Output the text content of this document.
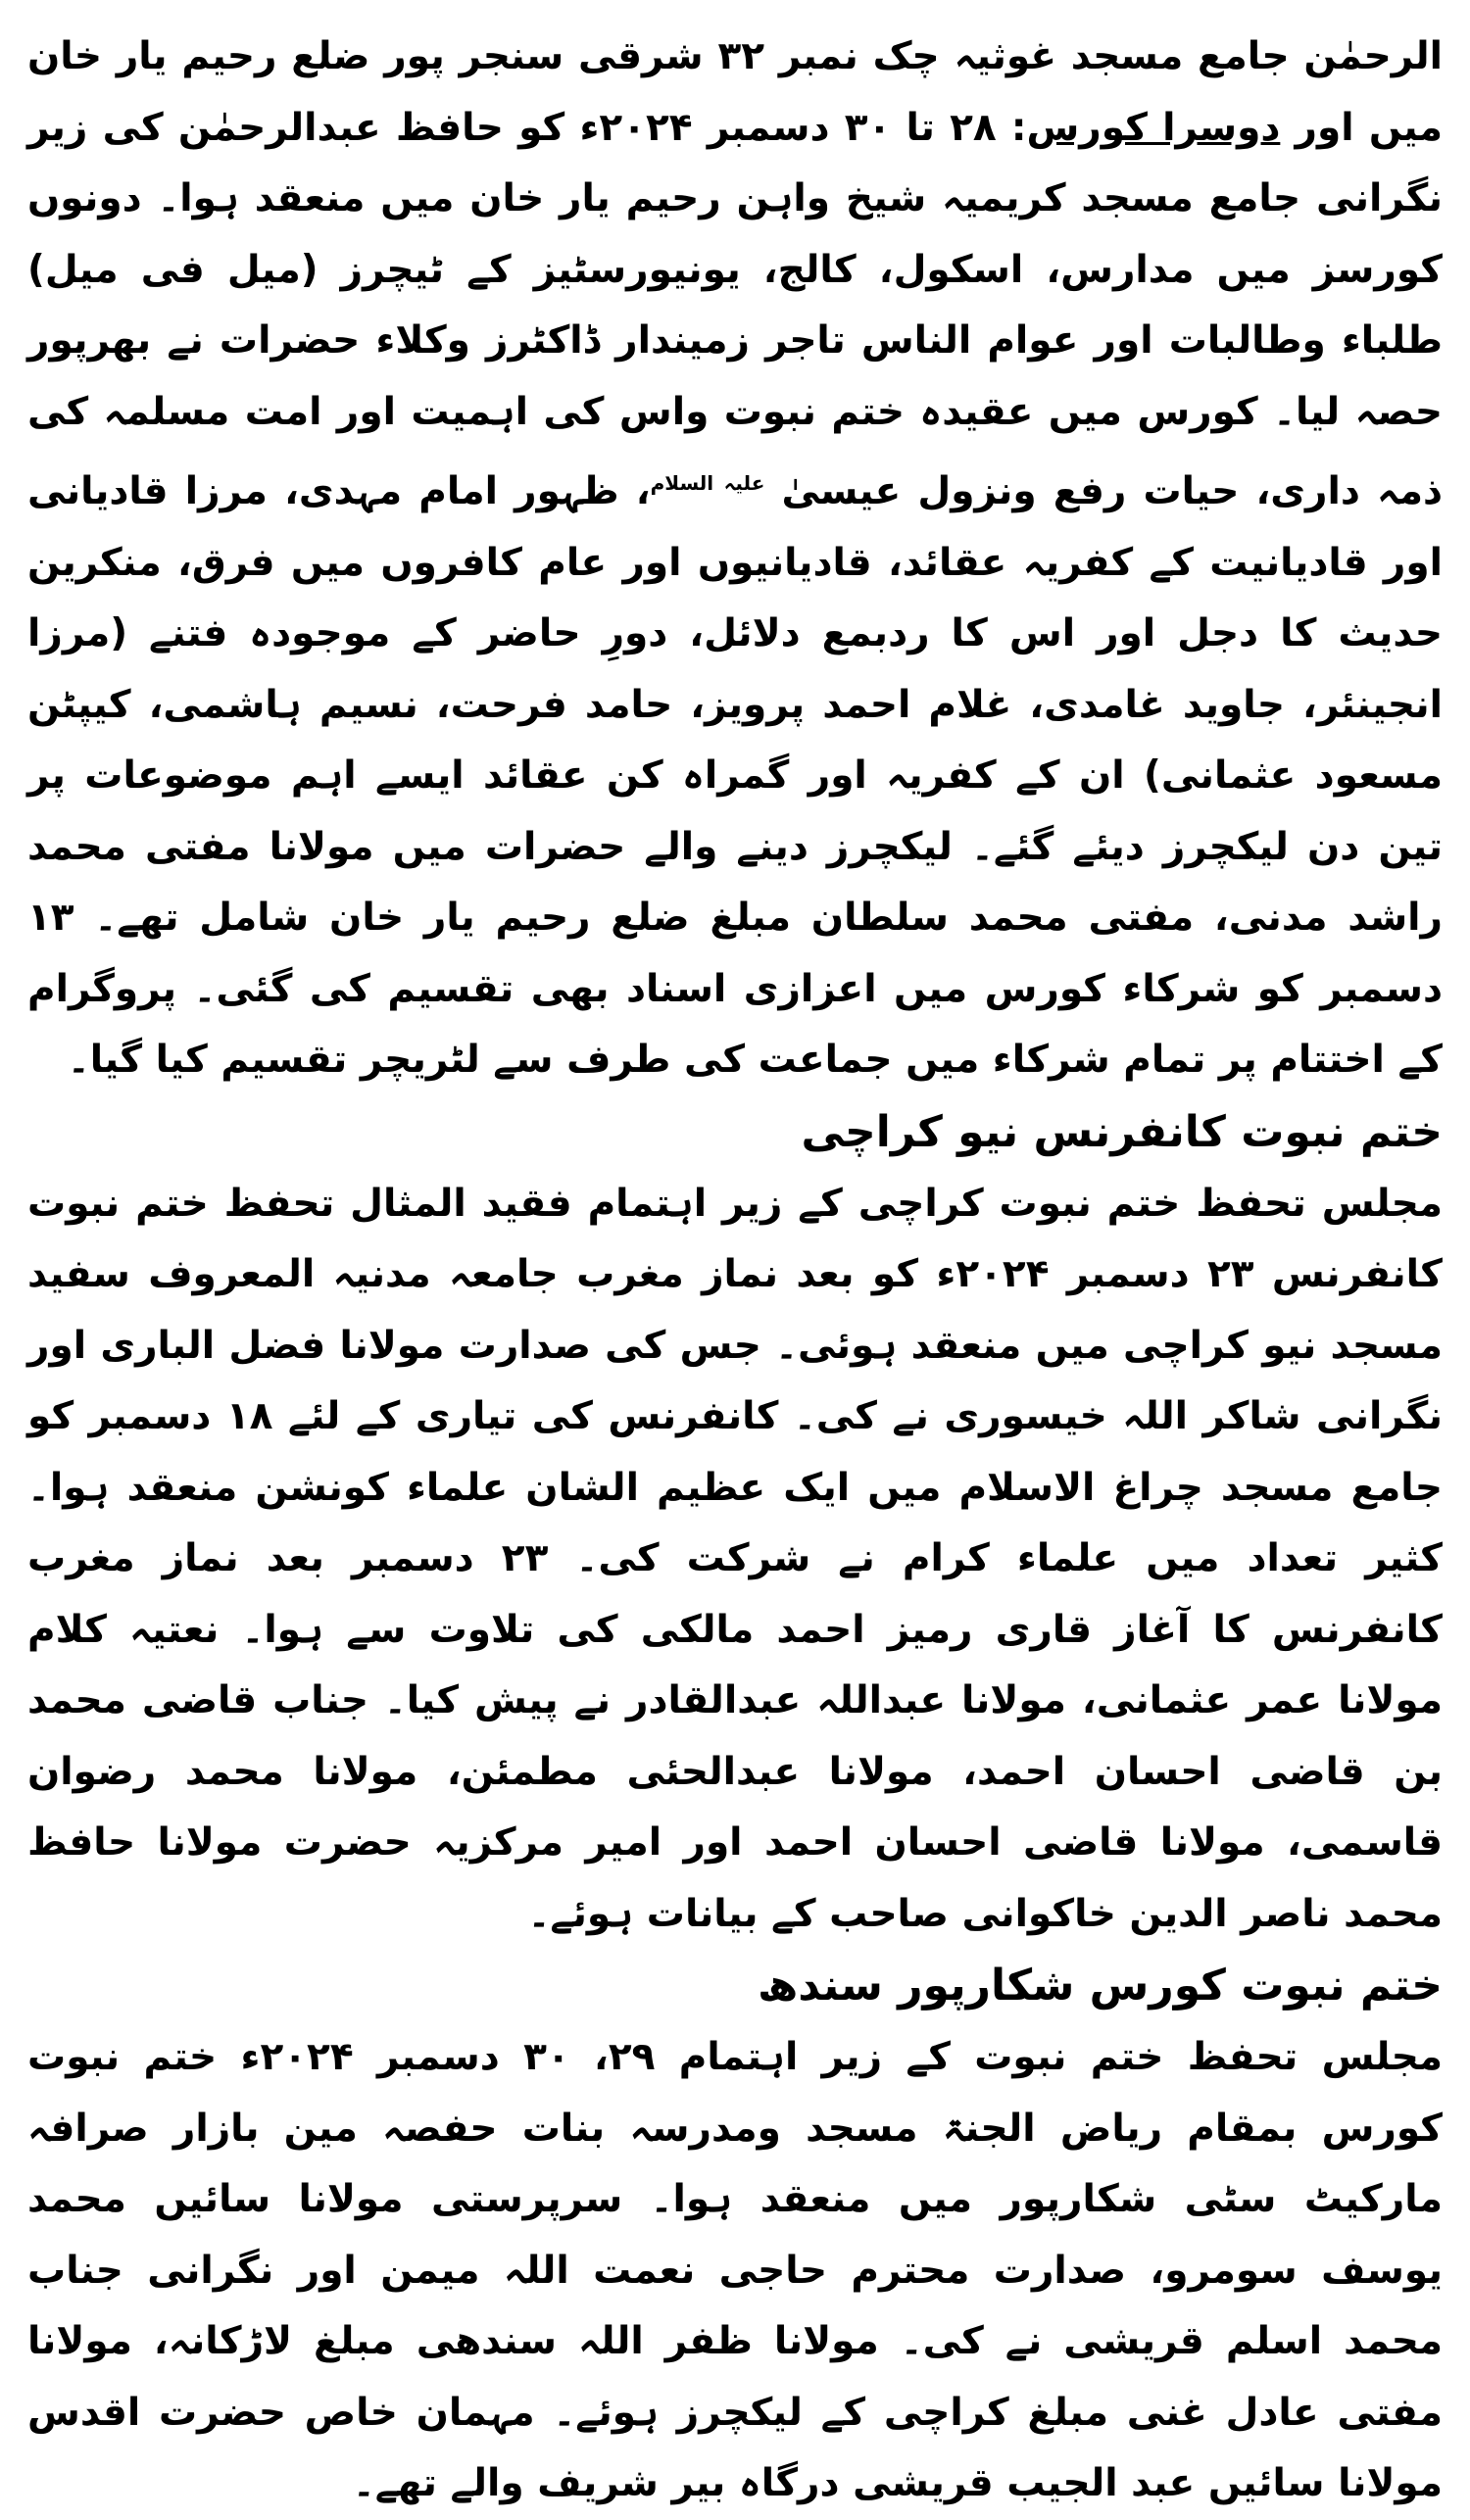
الرحمٰن جامع مسجد غوثیہ چک نمبر ۳۲ شرقی سنجر پور ضلع رحیم یار خان میں اور دوسرا کورس: ۲۸ تا ۳۰ دسمبر ۲۰۲۴ء کو حافظ عبدالرحمٰن کی زیر نگرانی جامع مسجد کریمیہ شیخ واہن رحیم یار خان میں منعقد ہوا۔ دونوں کورسز میں مدارس، اسکول، کالج، یونیورسٹیز کے ٹیچرز (میل فی میل) طلباء وطالبات اور عوام الناس تاجر زمیندار ڈاکٹرز وکلاء حضرات نے بھرپور حصہ لیا۔ کورس میں عقیدہ ختم نبوت واس کی اہمیت اور امت مسلمہ کی ذمہ داری، حیات رفع ونزول عیسیٰ $^{علیہ السلام}$، ظہور امام مہدی، مرزا قادیانی اور قادیانیت کے کفریہ عقائد، قادیانیوں اور عام کافروں میں فرق، منکرین حدیث کا دجل اور اس کا ردبمع دلائل، دورِ حاضر کے موجودہ فتنے (مرزا انجینئر، جاوید غامدی، غلام احمد پرویز، حامد فرحت، نسیم ہاشمی، کیپٹن مسعود عثمانی) ان کے کفریہ اور گمراہ کن عقائد ایسے اہم موضوعات پر تین دن لیکچرز دیئے گئے۔ لیکچرز دینے والے حضرات میں مولانا مفتی محمد راشد مدنی، مفتی محمد سلطان مبلغ ضلع رحیم یار خان شامل تھے۔ ۱۳ دسمبر کو شرکاء کورس میں اعزازی اسناد بھی تقسیم کی گئی۔ پروگرام کے اختتام پر تمام شرکاء میں جماعت کی طرف سے لٹریچر تقسیم کیا گیا۔

ختم نبوت کانفرنس نیو کراچی

مجلس تحفظ ختم نبوت کراچی کے زیر اہتمام فقید المثال تحفظ ختم نبوت کانفرنس ۲۳ دسمبر ۲۰۲۴ء کو بعد نماز مغرب جامعہ مدنیہ المعروف سفید مسجد نیو کراچی میں منعقد ہوئی۔ جس کی صدارت مولانا فضل الباری اور نگرانی شاکر اللہ خیسوری نے کی۔ کانفرنس کی تیاری کے لئے ۱۸ دسمبر کو جامع مسجد چراغ الاسلام میں ایک عظیم الشان علماء کونشن منعقد ہوا۔ کثیر تعداد میں علماء کرام نے شرکت کی۔ ۲۳ دسمبر بعد نماز مغرب کانفرنس کا آغاز قاری رمیز احمد مالکی کی تلاوت سے ہوا۔ نعتیہ کلام مولانا عمر عثمانی، مولانا عبداللہ عبدالقادر نے پیش کیا۔ جناب قاضی محمد بن قاضی احسان احمد، مولانا عبدالحئی مطمئن، مولانا محمد رضوان قاسمی، مولانا قاضی احسان احمد اور امیر مرکزیہ حضرت مولانا حافظ محمد ناصر الدین خاکوانی صاحب کے بیانات ہوئے۔

ختم نبوت کورس شکارپور سندھ

مجلس تحفظ ختم نبوت کے زیر اہتمام ۲۹، ۳۰ دسمبر ۲۰۲۴ء ختم نبوت کورس بمقام ریاض الجنۃ مسجد ومدرسہ بنات حفصہ مین بازار صرافہ مارکیٹ سٹی شکارپور میں منعقد ہوا۔ سرپرستی مولانا سائیں محمد یوسف سومرو، صدارت محترم حاجی نعمت اللہ میمن اور نگرانی جناب محمد اسلم قریشی نے کی۔ مولانا ظفر اللہ سندھی مبلغ لاڑکانہ، مولانا مفتی عادل غنی مبلغ کراچی کے لیکچرز ہوئے۔ مہمان خاص حضرت اقدس مولانا سائیں عبد الجیب قریشی درگاہ بیر شریف والے تھے۔
